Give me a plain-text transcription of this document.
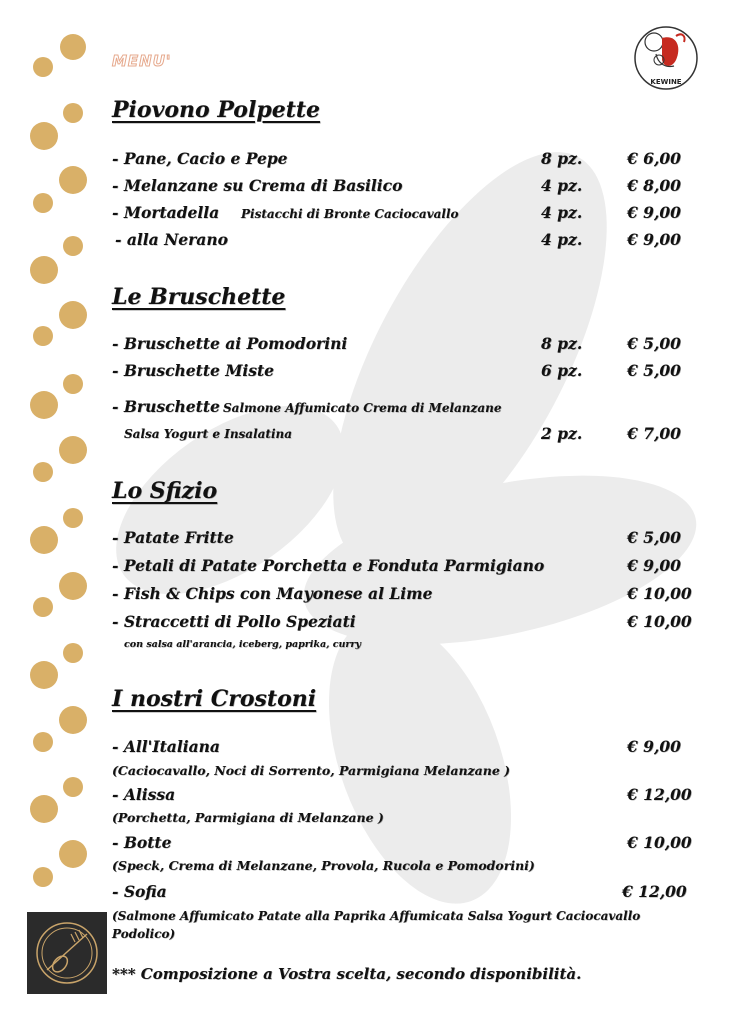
MENU'
KEWINE
Piovono Polpette
- Pane, Cacio e Pepe	8 pz.	€ 6,00
- Melanzane su Crema di Basilico	4 pz.	€ 8,00
- Mortadella Pistacchi di Bronte Caciocavallo	4 pz.	€ 9,00
- alla Nerano	4 pz.	€ 9,00
Le Bruschette
- Bruschette ai Pomodorini	8 pz.	€ 5,00
- Bruschette Miste	6 pz.	€ 5,00
- Bruschette Salmone Affumicato Crema di Melanzane
Salsa Yogurt e Insalatina	2 pz.	€ 7,00
Lo Sfizio
- Patate Fritte	€ 5,00
- Petali di Patate Porchetta e Fonduta Parmigiano	€ 9,00
- Fish & Chips con Mayonese al Lime	€ 10,00
- Straccetti di Pollo Speziati	€ 10,00
con salsa all'arancia, iceberg, paprika, curry
I nostri Crostoni
- All'Italiana	€ 9,00
(Caciocavallo, Noci di Sorrento, Parmigiana Melanzane )
- Alissa	€ 12,00
(Porchetta, Parmigiana di Melanzane )
- Botte	€ 10,00
(Speck, Crema di Melanzane, Provola, Rucola e Pomodorini)
- Sofia	€ 12,00
(Salmone Affumicato Patate alla Paprika Affumicata Salsa Yogurt Caciocavallo
Podolico)
*** Composizione a Vostra scelta, secondo disponibilità.
